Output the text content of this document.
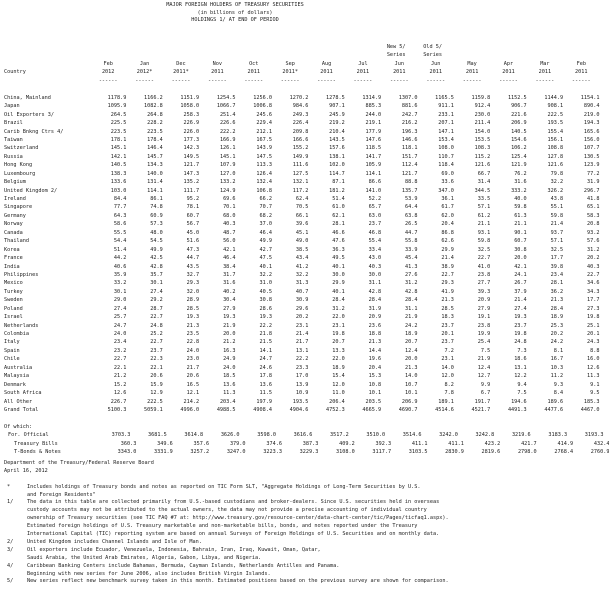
MAJOR FOREIGN HOLDERS OF TREASURY SECURITIES
(in billions of dollars)
HOLDINGS 1/ AT END OF PERIOD
New 5/
Series
Old 5/
Series
Feb	Jan	Dec	Nov	Oct	Sep	Aug	Jul	Jun	Jun	May	Apr	Mar	Feb
Country	2012	2012*	2011*	2011	2011	2011*	2011	2011	2011	2011	2011	2011	2011	2011
------	------	------	------	------	------	------	------	------	------	------	------	------	------
China, Mainland	1178.9	1166.2	1151.9	1254.5	1256.0	1270.2	1278.5	1314.9	1307.0	1165.5	1159.8	1152.5	1144.9	1154.1
Japan	1095.9	1082.8	1058.0	1066.7	1006.8	984.6	907.1	885.3	881.6	911.1	912.4	906.7	908.1	890.4
Oil Exporters 3/	264.5	264.8	258.3	251.4	245.6	249.3	245.9	244.0	242.7	233.1	230.0	221.6	222.5	219.0
Brazil	225.5	228.2	226.9	226.6	229.4	226.4	219.2	219.1	216.2	207.1	211.4	206.9	193.5	194.3
Carib Bnkng Ctrs 4/	223.5	223.5	226.0	222.2	212.1	209.8	210.4	177.9	196.3	147.1	154.0	140.5	155.4	165.6
Taiwan	178.1	178.4	177.3	166.9	167.5	166.6	143.5	147.6	146.6	153.4	153.5	154.6	156.1	156.0
Switzerland	145.1	146.4	142.3	126.1	143.9	155.2	157.6	118.5	118.1	108.0	108.3	106.2	108.8	107.7
Russia	142.1	145.7	149.5	145.1	147.5	149.9	138.1	141.7	151.7	110.7	115.2	125.4	127.8	130.5
Hong Kong	140.5	134.3	121.7	107.9	113.3	111.6	102.0	105.9	112.4	118.4	121.6	121.9	121.6	123.9
Luxembourg	138.3	140.0	147.3	127.0	126.4	127.5	114.7	114.1	121.7	69.0	66.7	76.2	79.8	77.2
Belgium	133.6	131.4	135.2	133.2	132.4	132.1	87.1	86.6	88.8	33.6	31.4	31.6	32.2	31.9
United Kingdom 2/	103.0	114.1	111.7	124.9	106.8	117.2	181.2	141.0	135.7	347.0	344.5	333.2	326.2	296.7
Ireland	84.4	86.1	95.2	69.6	66.2	62.4	51.4	52.2	53.9	36.1	33.5	40.0	43.8	41.8
Singapore	77.7	74.8	78.1	70.1	70.7	70.5	61.0	65.7	64.4	61.7	57.1	59.8	55.1	65.1
Germany	64.3	60.9	60.7	68.0	68.2	66.1	62.1	63.0	63.8	62.0	61.2	61.3	59.8	58.3
Norway	58.6	57.3	56.7	40.3	37.0	39.6	28.1	23.7	26.5	20.4	21.1	21.1	21.4	20.8
Canada	55.5	48.0	45.0	48.7	46.4	45.1	46.6	46.8	44.7	86.8	93.1	90.1	93.7	93.2
Thailand	54.4	54.5	51.6	56.0	49.9	49.0	47.6	55.4	55.8	62.6	59.8	60.7	57.1	57.6
Korea	51.4	49.9	47.3	42.1	42.7	38.5	36.3	33.4	33.9	29.9	32.5	30.8	32.5	31.2
France	44.2	42.5	44.7	46.4	47.5	43.4	49.5	43.0	45.4	21.4	22.7	20.0	17.7	20.2
India	40.6	42.8	43.5	38.4	40.1	41.2	40.1	40.3	41.3	38.9	41.0	42.1	39.8	40.3
Philippines	35.9	35.7	32.7	31.7	32.2	32.2	30.0	30.0	27.6	22.7	23.8	24.1	23.4	22.7
Mexico	33.2	30.1	29.3	31.6	31.0	31.3	29.9	31.1	31.2	29.3	27.7	26.7	28.1	34.6
Turkey	30.1	27.4	32.0	40.2	40.5	40.7	40.1	42.8	42.8	41.9	39.3	37.9	36.2	34.3
Sweden	29.0	29.2	28.9	30.4	30.8	30.9	28.4	28.4	28.4	21.3	20.9	21.4	21.3	17.7
Poland	27.4	28.7	28.5	27.9	28.6	29.6	31.2	31.9	31.1	28.5	27.9	27.4	28.4	27.3
Israel	25.7	22.7	19.3	19.3	19.3	20.2	22.0	20.9	21.9	18.3	19.1	19.3	18.9	19.8
Netherlands	24.7	24.8	21.3	21.9	22.2	23.1	23.1	23.6	24.2	23.7	23.8	23.7	25.3	25.1
Colombia	24.0	25.2	23.5	20.0	21.8	21.4	19.8	18.8	18.9	20.1	19.9	19.8	20.2	20.1
Italy	23.4	22.7	22.8	21.2	21.5	21.7	20.7	21.3	20.7	23.7	25.4	24.8	24.2	24.3
Spain	23.2	23.7	24.0	16.3	14.1	13.1	13.3	14.4	12.4	7.2	7.5	7.3	8.1	8.8
Chile	22.7	22.3	23.0	24.9	24.7	22.2	22.0	19.6	20.0	23.1	21.9	18.6	16.7	16.0
Australia	22.1	22.1	21.7	24.0	24.6	23.3	18.9	20.4	21.3	14.0	12.4	13.1	10.3	12.6
Malaysia	21.2	20.6	20.6	18.5	17.8	17.0	15.4	15.3	14.0	12.0	12.7	12.2	11.2	11.3
Denmark	15.2	15.9	16.5	13.6	13.6	13.9	12.0	10.8	10.7	8.2	9.9	9.4	9.3	9.1
South Africa	12.6	12.9	12.1	11.3	11.5	10.9	11.0	10.1	10.1	7.8	6.7	7.5	8.4	9.5
All Other	226.7	222.5	214.2	203.4	197.9	193.5	206.4	203.5	206.9	189.1	191.7	194.6	189.6	185.3
Grand Total	5100.3	5059.1	4996.0	4988.5	4908.4	4904.6	4752.3	4665.9	4690.7	4514.6	4521.7	4491.3	4477.6	4467.0
Of which:
For. Official	3703.3	3681.5	3614.8	3626.0	3598.0	3616.6	3517.2	3510.0	3514.6	3242.0	3242.8	3219.6	3183.3	3193.3
Treasury Bills	360.3	349.6	357.6	379.0	374.6	387.3	409.2	392.3	411.1	411.1	423.2	421.7	414.9	432.4
T-Bonds & Notes	3343.0	3331.9	3257.2	3247.0	3223.3	3229.3	3108.0	3117.7	3103.5	2830.9	2819.6	2798.0	2768.4	2760.9
Department of the Treasury/Federal Reserve Board
April 16, 2012
*	Includes holdings of Treasury bonds and notes as reported on TIC Form SLT, "Aggregate Holdings of Long-Term Securities by U.S.
and Foreign Residents"
1/	The data in this table are collected primarily from U.S.-based custodians and broker-dealers. Since U.S. securities held in overseas
custody accounts may not be attributed to the actual owners, the data may not provide a precise accounting of individual country
ownership of Treasury securities (see TIC FAQ #7 at: http://www.treasury.gov/resource-center/data-chart-center/tic/Pages/ticfaq1.aspx).
Estimated foreign holdings of U.S. Treasury marketable and non-marketable bills, bonds, and notes reported under the Treasury
International Capital (TIC) reporting system are based on annual Surveys of Foreign Holdings of U.S. Securities and on monthly data.
2/	United Kingdom includes Channel Islands and Isle of Man.
3/	Oil exporters include Ecuador, Venezuela, Indonesia, Bahrain, Iran, Iraq, Kuwait, Oman, Qatar,
Saudi Arabia, the United Arab Emirates, Algeria, Gabon, Libya, and Nigeria.
4/	Caribbean Banking Centers include Bahamas, Bermuda, Cayman Islands, Netherlands Antilles and Panama.
Beginning with new series for June 2006, also includes British Virgin Islands.
5/	New series reflect new benchmark survey taken in this month. Estimated positions based on the previous survey are shown for comparison.
